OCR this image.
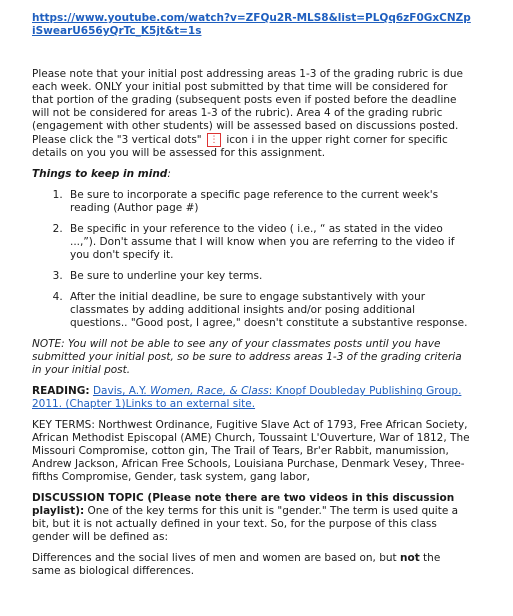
https://www.youtube.com/watch?v=ZFQu2R-MLS8&list=PLQq6zF0GxCNZpiSwearU656yQrTc_K5jt&t=1s

Please note that your initial post addressing areas 1-3 of the grading rubric is due each week. ONLY your initial post submitted by that time will be considered for that portion of the grading (subsequent posts even if posted before the deadline will not be considered for areas 1-3 of the rubric). Area 4 of the grading rubric (engagement with other students) will be assessed based on discussions posted. Please click the "3 vertical dots" ⋮ icon i in the upper right corner for specific details on you you will be assessed for this assignment.

Things to keep in mind:
1. Be sure to incorporate a specific page reference to the current week's reading (Author page #)
2. Be specific in your reference to the video ( i.e., “ as stated in the video ...,”). Don't assume that I will know when you are referring to the video if you don't specify it.
3. Be sure to underline your key terms.
4. After the initial deadline, be sure to engage substantively with your classmates by adding additional insights and/or posing additional questions.. "Good post, I agree," doesn't constitute a substantive response.

NOTE: You will not be able to see any of your classmates posts until you have submitted your initial post, so be sure to address areas 1-3 of the grading criteria in your initial post.

READING: Davis, A.Y. Women, Race, & Class: Knopf Doubleday Publishing Group. 2011. (Chapter 1)Links to an external site.

KEY TERMS: Northwest Ordinance, Fugitive Slave Act of 1793, Free African Society, African Methodist Episcopal (AME) Church, Toussaint L'Ouverture, War of 1812, The Missouri Compromise, cotton gin, The Trail of Tears, Br'er Rabbit, manumission, Andrew Jackson, African Free Schools, Louisiana Purchase, Denmark Vesey, Three-fifths Compromise, Gender, task system, gang labor,

DISCUSSION TOPIC (Please note there are two videos in this discussion playlist): One of the key terms for this unit is "gender." The term is used quite a bit, but it is not actually defined in your text. So, for the purpose of this class gender will be defined as:

Differences and the social lives of men and women are based on, but not the same as biological differences.
